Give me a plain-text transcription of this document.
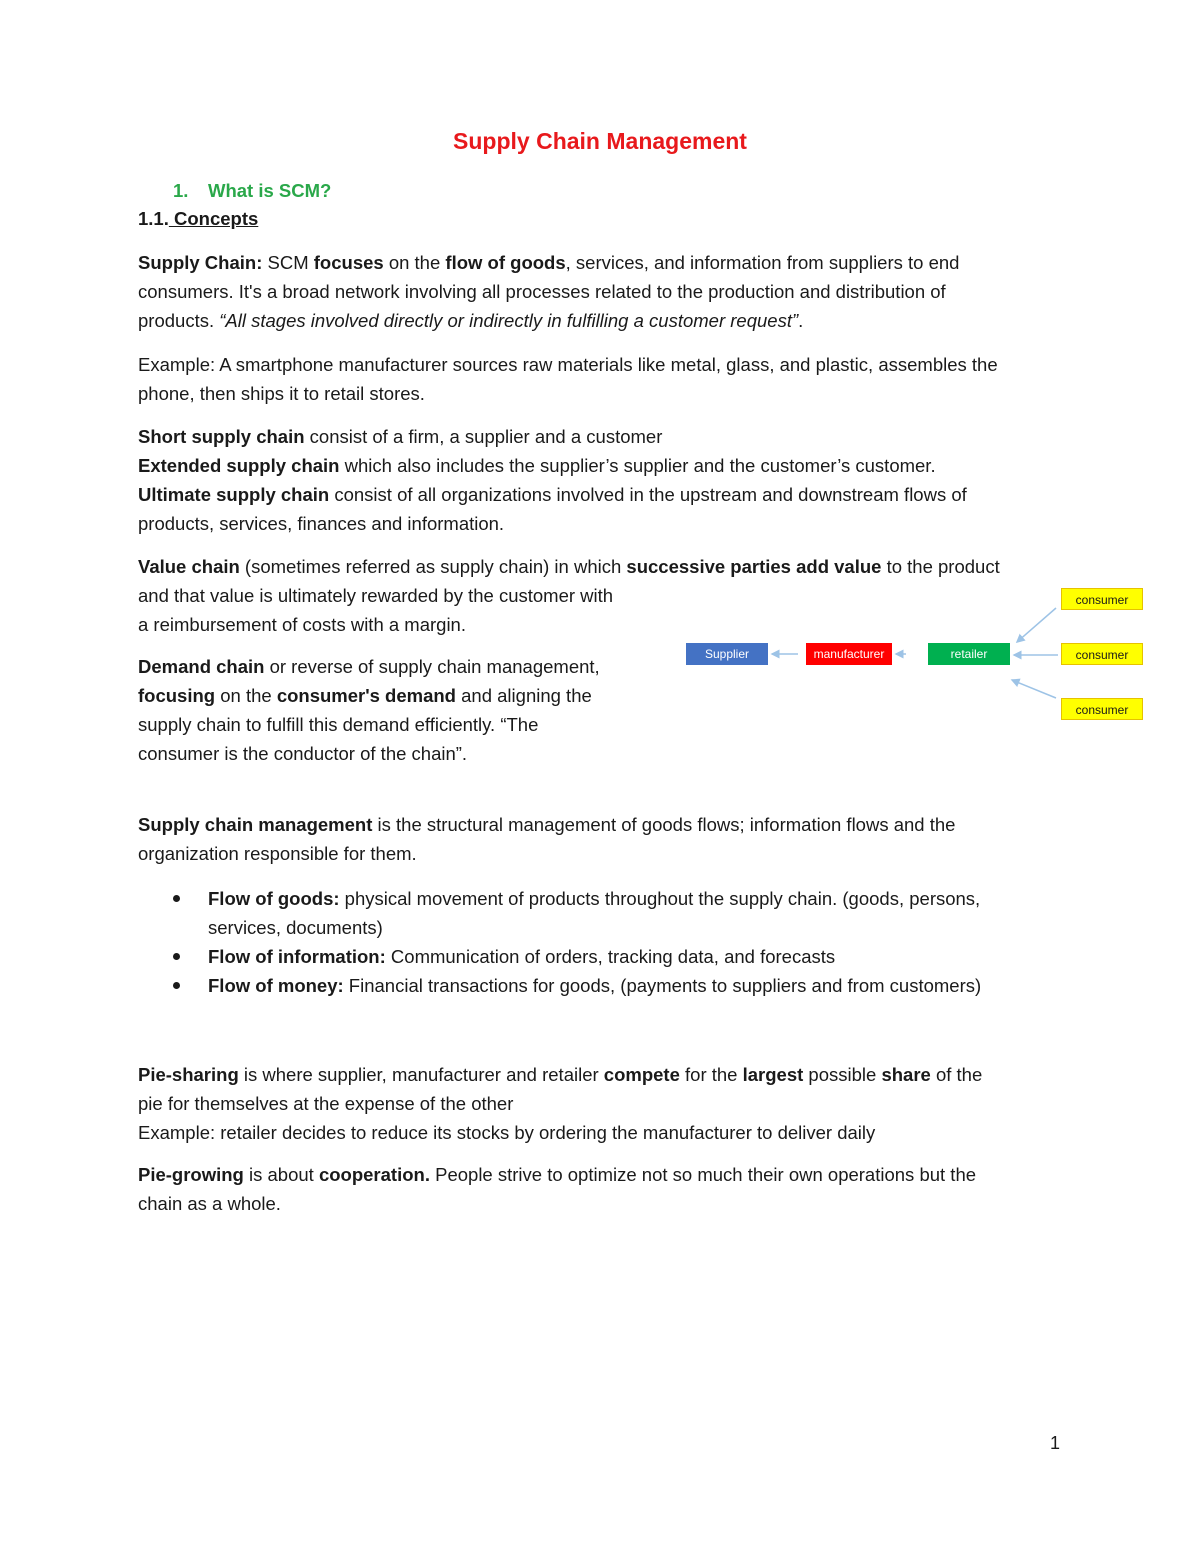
Supply Chain Management
1. What is SCM?
1.1. Concepts

Supply Chain: SCM focuses on the flow of goods, services, and information from suppliers to end
consumers. It's a broad network involving all processes related to the production and distribution of
products. “All stages involved directly or indirectly in fulfilling a customer request”.

Example: A smartphone manufacturer sources raw materials like metal, glass, and plastic, assembles the
phone, then ships it to retail stores.

Short supply chain consist of a firm, a supplier and a customer
Extended supply chain which also includes the supplier’s supplier and the customer’s customer.
Ultimate supply chain consist of all organizations involved in the upstream and downstream flows of
products, services, finances and information.

Value chain (sometimes referred as supply chain) in which successive parties add value to the product
and that value is ultimately rewarded by the customer with
a reimbursement of costs with a margin.

Demand chain or reverse of supply chain management,
focusing on the consumer's demand and aligning the
supply chain to fulfill this demand efficiently. “The
consumer is the conductor of the chain”.

Supplier	manufacturer	retailer
consumer
consumer
consumer

Supply chain management is the structural management of goods flows; information flows and the
organization responsible for them.

Flow of goods: physical movement of products throughout the supply chain. (goods, persons,
services, documents)
Flow of information: Communication of orders, tracking data, and forecasts
Flow of money: Financial transactions for goods, (payments to suppliers and from customers)

Pie-sharing is where supplier, manufacturer and retailer compete for the largest possible share of the
pie for themselves at the expense of the other
Example: retailer decides to reduce its stocks by ordering the manufacturer to deliver daily

Pie-growing is about cooperation. People strive to optimize not so much their own operations but the
chain as a whole.

1
